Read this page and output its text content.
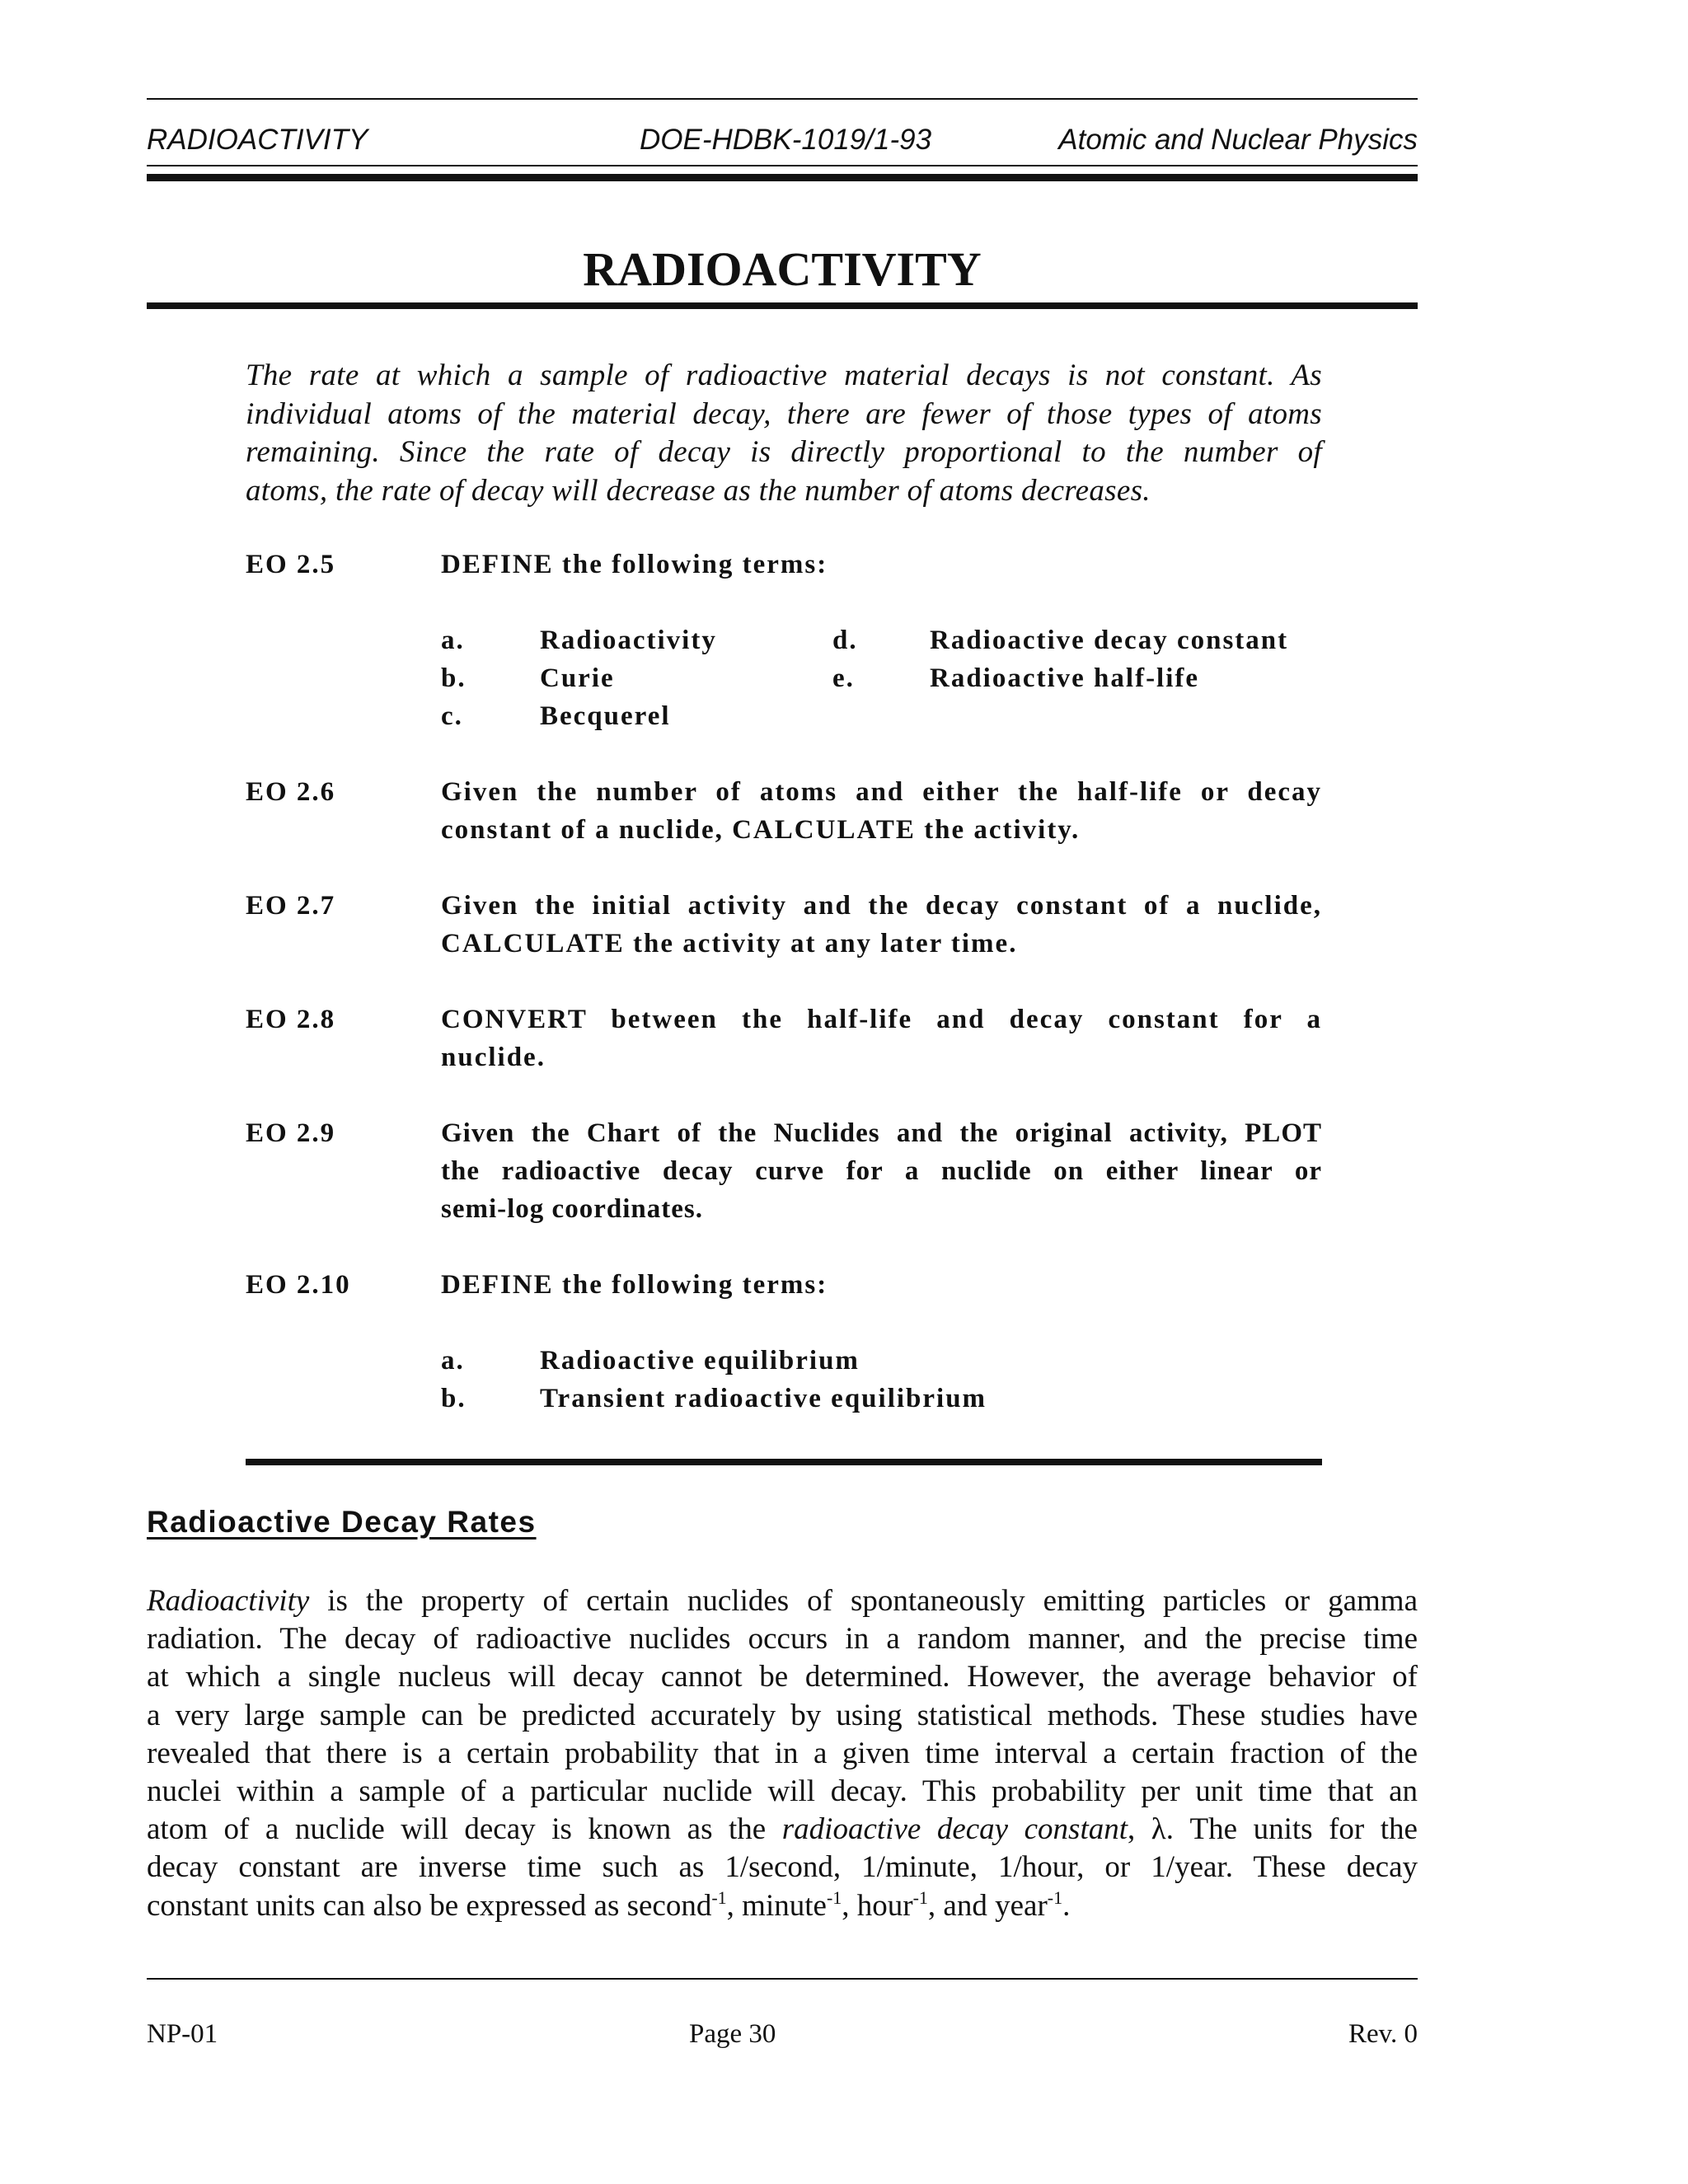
RADIOACTIVITY	DOE-HDBK-1019/1-93	Atomic and Nuclear Physics
RADIOACTIVITY
The rate at which a sample of radioactive material decays is not constant. As
individual atoms of the material decay, there are fewer of those types of atoms
remaining. Since the rate of decay is directly proportional to the number of
atoms, the rate of decay will decrease as the number of atoms decreases.
EO 2.5	DEFINE the following terms:
a.	Radioactivity
b.	Curie
c.	Becquerel
d.	Radioactive decay constant
e.	Radioactive half-life
EO 2.6	Given the number of atoms and either the half-life or decay
constant of a nuclide, CALCULATE the activity.
EO 2.7	Given the initial activity and the decay constant of a nuclide,
CALCULATE the activity at any later time.
EO 2.8	CONVERT between the half-life and decay constant for a
nuclide.
EO 2.9	Given the Chart of the Nuclides and the original activity, PLOT
the radioactive decay curve for a nuclide on either linear or
semi-log coordinates.
EO 2.10	DEFINE the following terms:
a.	Radioactive equilibrium
b.	Transient radioactive equilibrium
Radioactive Decay Rates
Radioactivity is the property of certain nuclides of spontaneously emitting particles or gamma
radiation. The decay of radioactive nuclides occurs in a random manner, and the precise time
at which a single nucleus will decay cannot be determined. However, the average behavior of
a very large sample can be predicted accurately by using statistical methods. These studies have
revealed that there is a certain probability that in a given time interval a certain fraction of the
nuclei within a sample of a particular nuclide will decay. This probability per unit time that an
atom of a nuclide will decay is known as the radioactive decay constant, λ. The units for the
decay constant are inverse time such as 1/second, 1/minute, 1/hour, or 1/year. These decay
constant units can also be expressed as second$^{-1}$, minute$^{-1}$, hour$^{-1}$, and year$^{-1}$.
NP-01	Page 30	Rev. 0
